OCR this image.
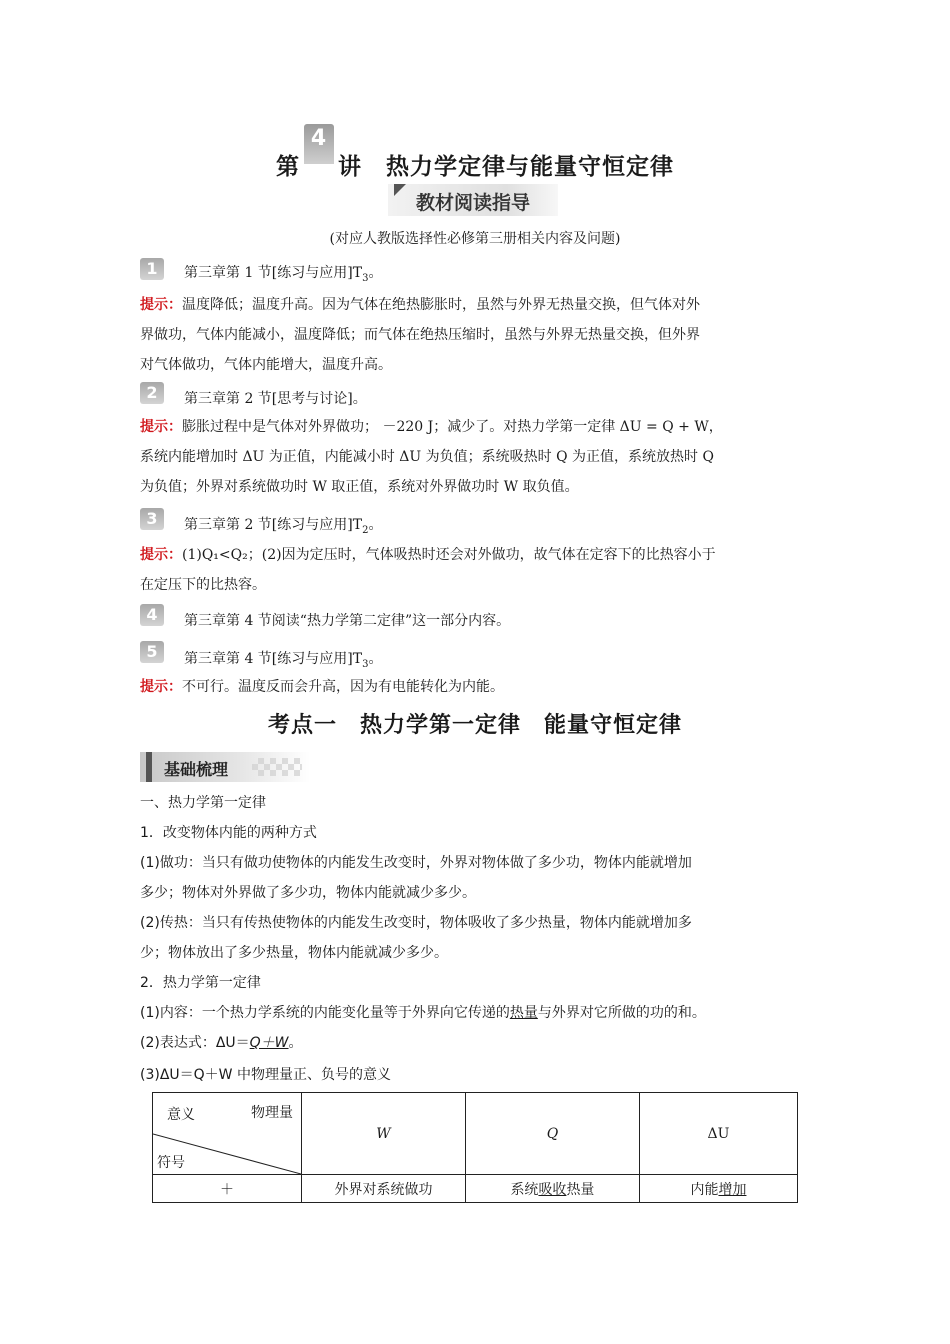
第
4
讲　热力学定律与能量守恒定律
教材阅读指导
(对应人教版选择性必修第三册相关内容及问题)
1	第三章第 1 节[练习与应用]$T_3$。
提示：温度降低；温度升高。因为气体在绝热膨胀时，虽然与外界无热量交换，但气体对外
界做功，气体内能减小，温度降低；而气体在绝热压缩时，虽然与外界无热量交换，但外界
对气体做功，气体内能增大，温度升高。
2	第三章第 2 节[思考与讨论]。
提示：膨胀过程中是气体对外界做功； －220 J；减少了。对热力学第一定律 ΔU = Q + W，
系统内能增加时 ΔU 为正值，内能减小时 ΔU 为负值；系统吸热时 Q 为正值，系统放热时 Q
为负值；外界对系统做功时 W 取正值，系统对外界做功时 W 取负值。
3	第三章第 2 节[练习与应用]$T_2$。
提示：(1)Q₁<Q₂；(2)因为定压时，气体吸热时还会对外做功，故气体在定容下的比热容小于
在定压下的比热容。
4	第三章第 4 节阅读“热力学第二定律”这一部分内容。
5	第三章第 4 节[练习与应用]$T_3$。
提示：不可行。温度反而会升高，因为有电能转化为内能。
考点一　热力学第一定律　能量守恒定律
基础梳理
一、热力学第一定律
1．改变物体内能的两种方式
(1)做功：当只有做功使物体的内能发生改变时，外界对物体做了多少功，物体内能就增加
多少；物体对外界做了多少功，物体内能就减少多少。
(2)传热：当只有传热使物体的内能发生改变时，物体吸收了多少热量，物体内能就增加多
少；物体放出了多少热量，物体内能就减少多少。
2．热力学第一定律
(1)内容：一个热力学系统的内能变化量等于外界向它传递的热量与外界对它所做的功的和。
(2)表达式：ΔU＝Q＋W。
(3)ΔU＝Q＋W 中物理量正、负号的意义
意义 物理量
符号	W	Q	ΔU
＋	外界对系统做功	系统吸收热量	内能增加
